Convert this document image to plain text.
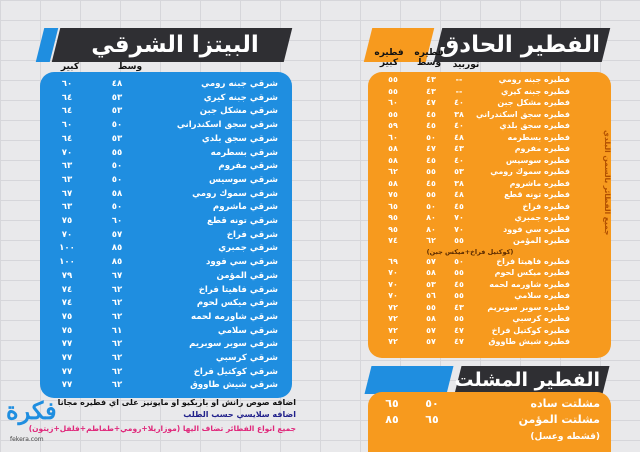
البيتزا الشرقي	الفطير الحادق
وسط
كبير
فطيره
وسط
فطيره
كبير	توربيد
شرقي جبنه رومي
٤٨
٦٠
شرقي جبنه كيري
٥٣
٦٤
شرقي مشكل جبن
٥٣
٦٤
شرقي سجق اسكندراني
٥٠
٦٠
شرقي سجق بلدي
٥٣
٦٤
شرقي بسطرمه
٥٥
٧٠
شرقي مفروم
٥٠
٦٣
شرقي سوسيس
٥٠
٦٣
شرقي سموك رومي
٥٨
٦٧
شرقي ماشروم
٥٠
٦٣
شرقي تونه قطع
٦٠
٧٥
شرقي فراخ
٥٧
٧٠
شرقي جمبري
٨٥
١٠٠
شرقي سي فوود
٨٥
١٠٠
شرقي المؤمن
٦٧
٧٩
شرقي فاهيتا فراخ
٦٢
٧٤
شرقي ميكس لحوم
٦٢
٧٤
شرقي شاورمه لحمه
٦٢
٧٥
شرقي سلامي
٦١
٧٥
شرقي سوبر سوبريم
٦٢
٧٧
شرقي كرسبي
٦٢
٧٧
شرقي كوكتيل فراخ
٦٢
٧٧
شرقي شيش طاووق
٦٢
٧٧
فطيره جبنه رومي
--
٤٣
٥٥
فطيره جبنه كيري
--
٤٣
٥٥
فطيره مشكل جبن
٤٠
٤٧
٦٠
فطيره سجق اسكندراني
٣٨
٤٥
٥٥
فطيره سجق بلدي
٤٠
٤٥
٥٩
فطيره بسطرمه
٤٨
٥٠
٦٠
فطيره مفروم
٤٣
٤٧
٥٨
فطيره سوسيس
٤٠
٤٥
٥٨
فطيره سموك رومي
٥٣
٥٥
٦٢
فطيره ماشروم
٣٨
٤٥
٥٨
فطيره تونه قطع
٤٨
٥٥
٧٥
فطيره فراخ
٤٥
٥٠
٦٥
فطيره جمبري
٧٠
٨٠
٩٥
فطيره سي فوود
٧٠
٨٠
٩٥
فطيره المؤمن
٥٥
٦٢
٧٤
فطيره فاهيتا فراخ
٥٠
٥٧
٦٩
فطيره ميكس لحوم
٥٥
٥٨
٧٠
فطيره شاورمه لحمه
٤٥
٥٣
٧٠
فطيره سلامي
٥٥
٥٦
٧٠
فطيره سوبر سوبريم
٤٣
٥٥
٧٢
فطيره كرسبي
٥٥
٥٨
٧٢
فطيره كوكتيل فراخ
٤٧
٥٧
٧٢
فطيره شيش طاووق
٤٧
٥٧
٧٢
(كوكتيل فراخ+ميكس جبن)
جميع الفطائر بالسمن البلدي
الفطير المشلت
مشلتت ساده
٥٠
٦٥
مشلتت المؤمن
٦٥
٨٥
(قشطه وعسل)
اضافه صوص رانش او باربكيو او مايونيز على اي فطيره مجانا
اضافه سلايسي حسب الطلب
جميع انواع الفطائر تضاف اليها (موزاريلا+رومي+طماطم+فلفل+زيتون)
فكرة
fekera.com
